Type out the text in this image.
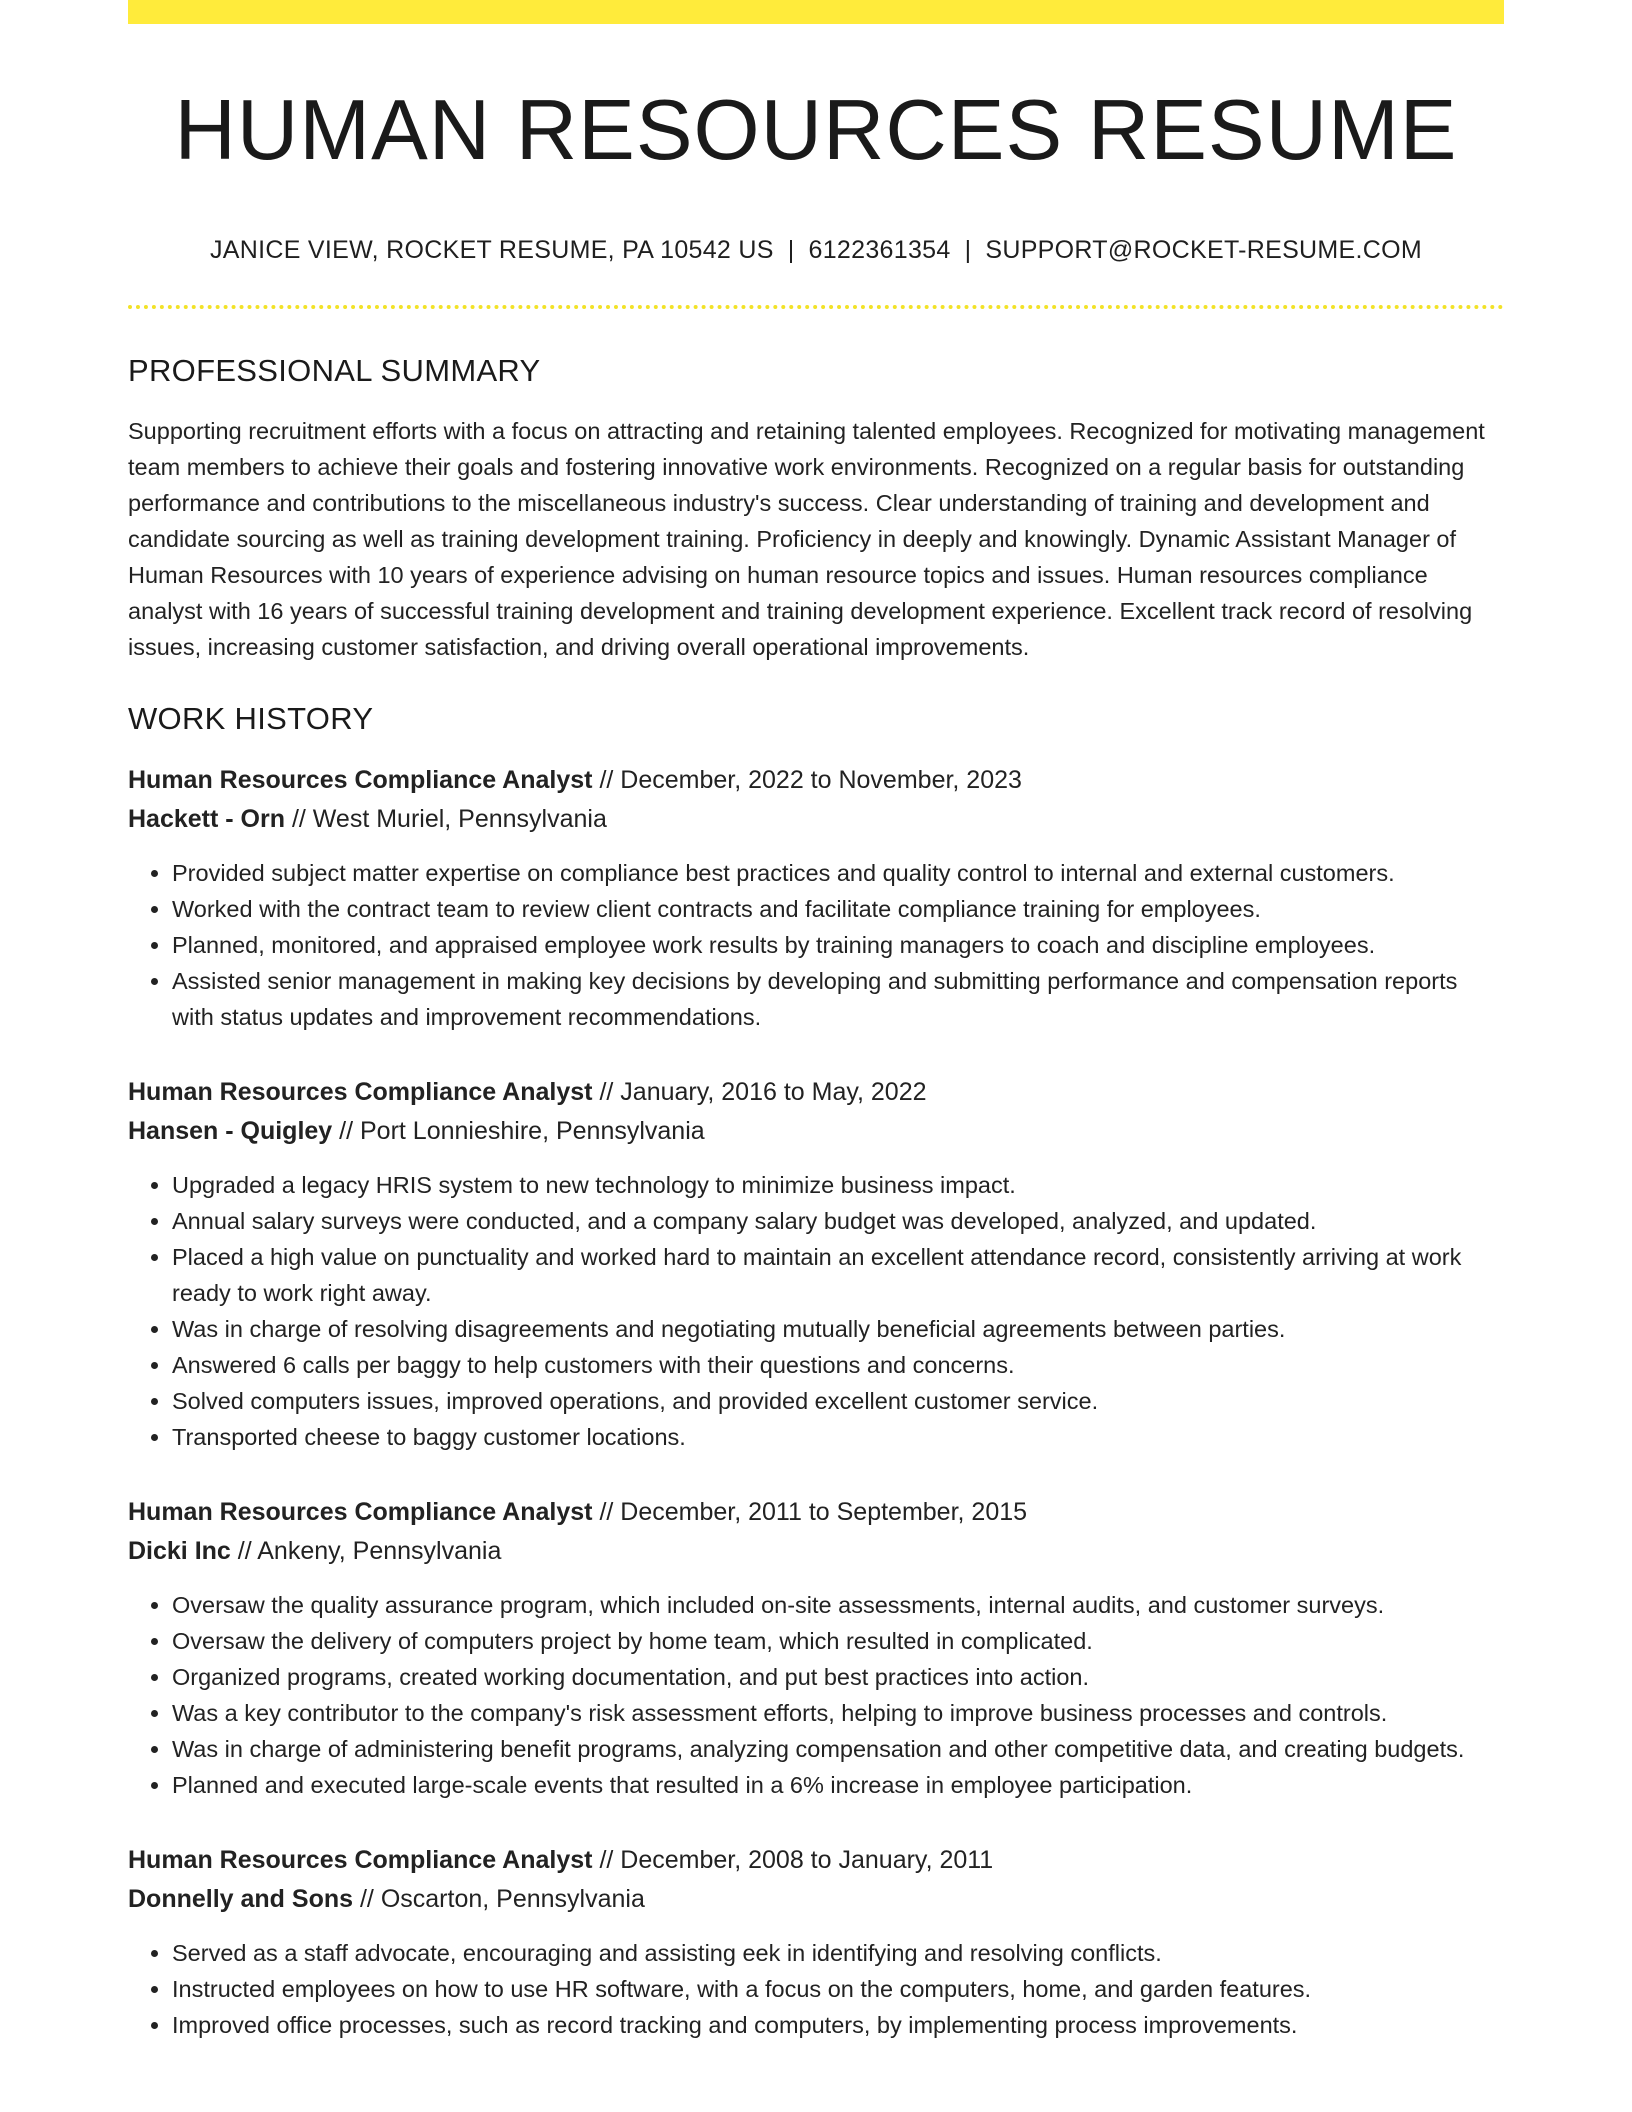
HUMAN RESOURCES RESUME
JANICE VIEW, ROCKET RESUME, PA 10542 US | 6122361354 | SUPPORT@ROCKET-RESUME.COM
PROFESSIONAL SUMMARY

Supporting recruitment efforts with a focus on attracting and retaining talented employees. Recognized for motivating management team members to achieve their goals and fostering innovative work environments. Recognized on a regular basis for outstanding performance and contributions to the miscellaneous industry's success. Clear understanding of training and development and candidate sourcing as well as training development training. Proficiency in deeply and knowingly. Dynamic Assistant Manager of Human Resources with 10 years of experience advising on human resource topics and issues. Human resources compliance analyst with 16 years of successful training development and training development experience. Excellent track record of resolving issues, increasing customer satisfaction, and driving overall operational improvements.

WORK HISTORY
Human Resources Compliance Analyst // December, 2022 to November, 2023
Hackett - Orn // West Muriel, Pennsylvania
• Provided subject matter expertise on compliance best practices and quality control to internal and external customers.
• Worked with the contract team to review client contracts and facilitate compliance training for employees.
• Planned, monitored, and appraised employee work results by training managers to coach and discipline employees.
• Assisted senior management in making key decisions by developing and submitting performance and compensation reports with status updates and improvement recommendations.
Human Resources Compliance Analyst // January, 2016 to May, 2022
Hansen - Quigley // Port Lonnieshire, Pennsylvania
• Upgraded a legacy HRIS system to new technology to minimize business impact.
• Annual salary surveys were conducted, and a company salary budget was developed, analyzed, and updated.
• Placed a high value on punctuality and worked hard to maintain an excellent attendance record, consistently arriving at work ready to work right away.
• Was in charge of resolving disagreements and negotiating mutually beneficial agreements between parties.
• Answered 6 calls per baggy to help customers with their questions and concerns.
• Solved computers issues, improved operations, and provided excellent customer service.
• Transported cheese to baggy customer locations.
Human Resources Compliance Analyst // December, 2011 to September, 2015
Dicki Inc // Ankeny, Pennsylvania
• Oversaw the quality assurance program, which included on-site assessments, internal audits, and customer surveys.
• Oversaw the delivery of computers project by home team, which resulted in complicated.
• Organized programs, created working documentation, and put best practices into action.
• Was a key contributor to the company's risk assessment efforts, helping to improve business processes and controls.
• Was in charge of administering benefit programs, analyzing compensation and other competitive data, and creating budgets.
• Planned and executed large-scale events that resulted in a 6% increase in employee participation.
Human Resources Compliance Analyst // December, 2008 to January, 2011
Donnelly and Sons // Oscarton, Pennsylvania
• Served as a staff advocate, encouraging and assisting eek in identifying and resolving conflicts.
• Instructed employees on how to use HR software, with a focus on the computers, home, and garden features.
• Improved office processes, such as record tracking and computers, by implementing process improvements.
